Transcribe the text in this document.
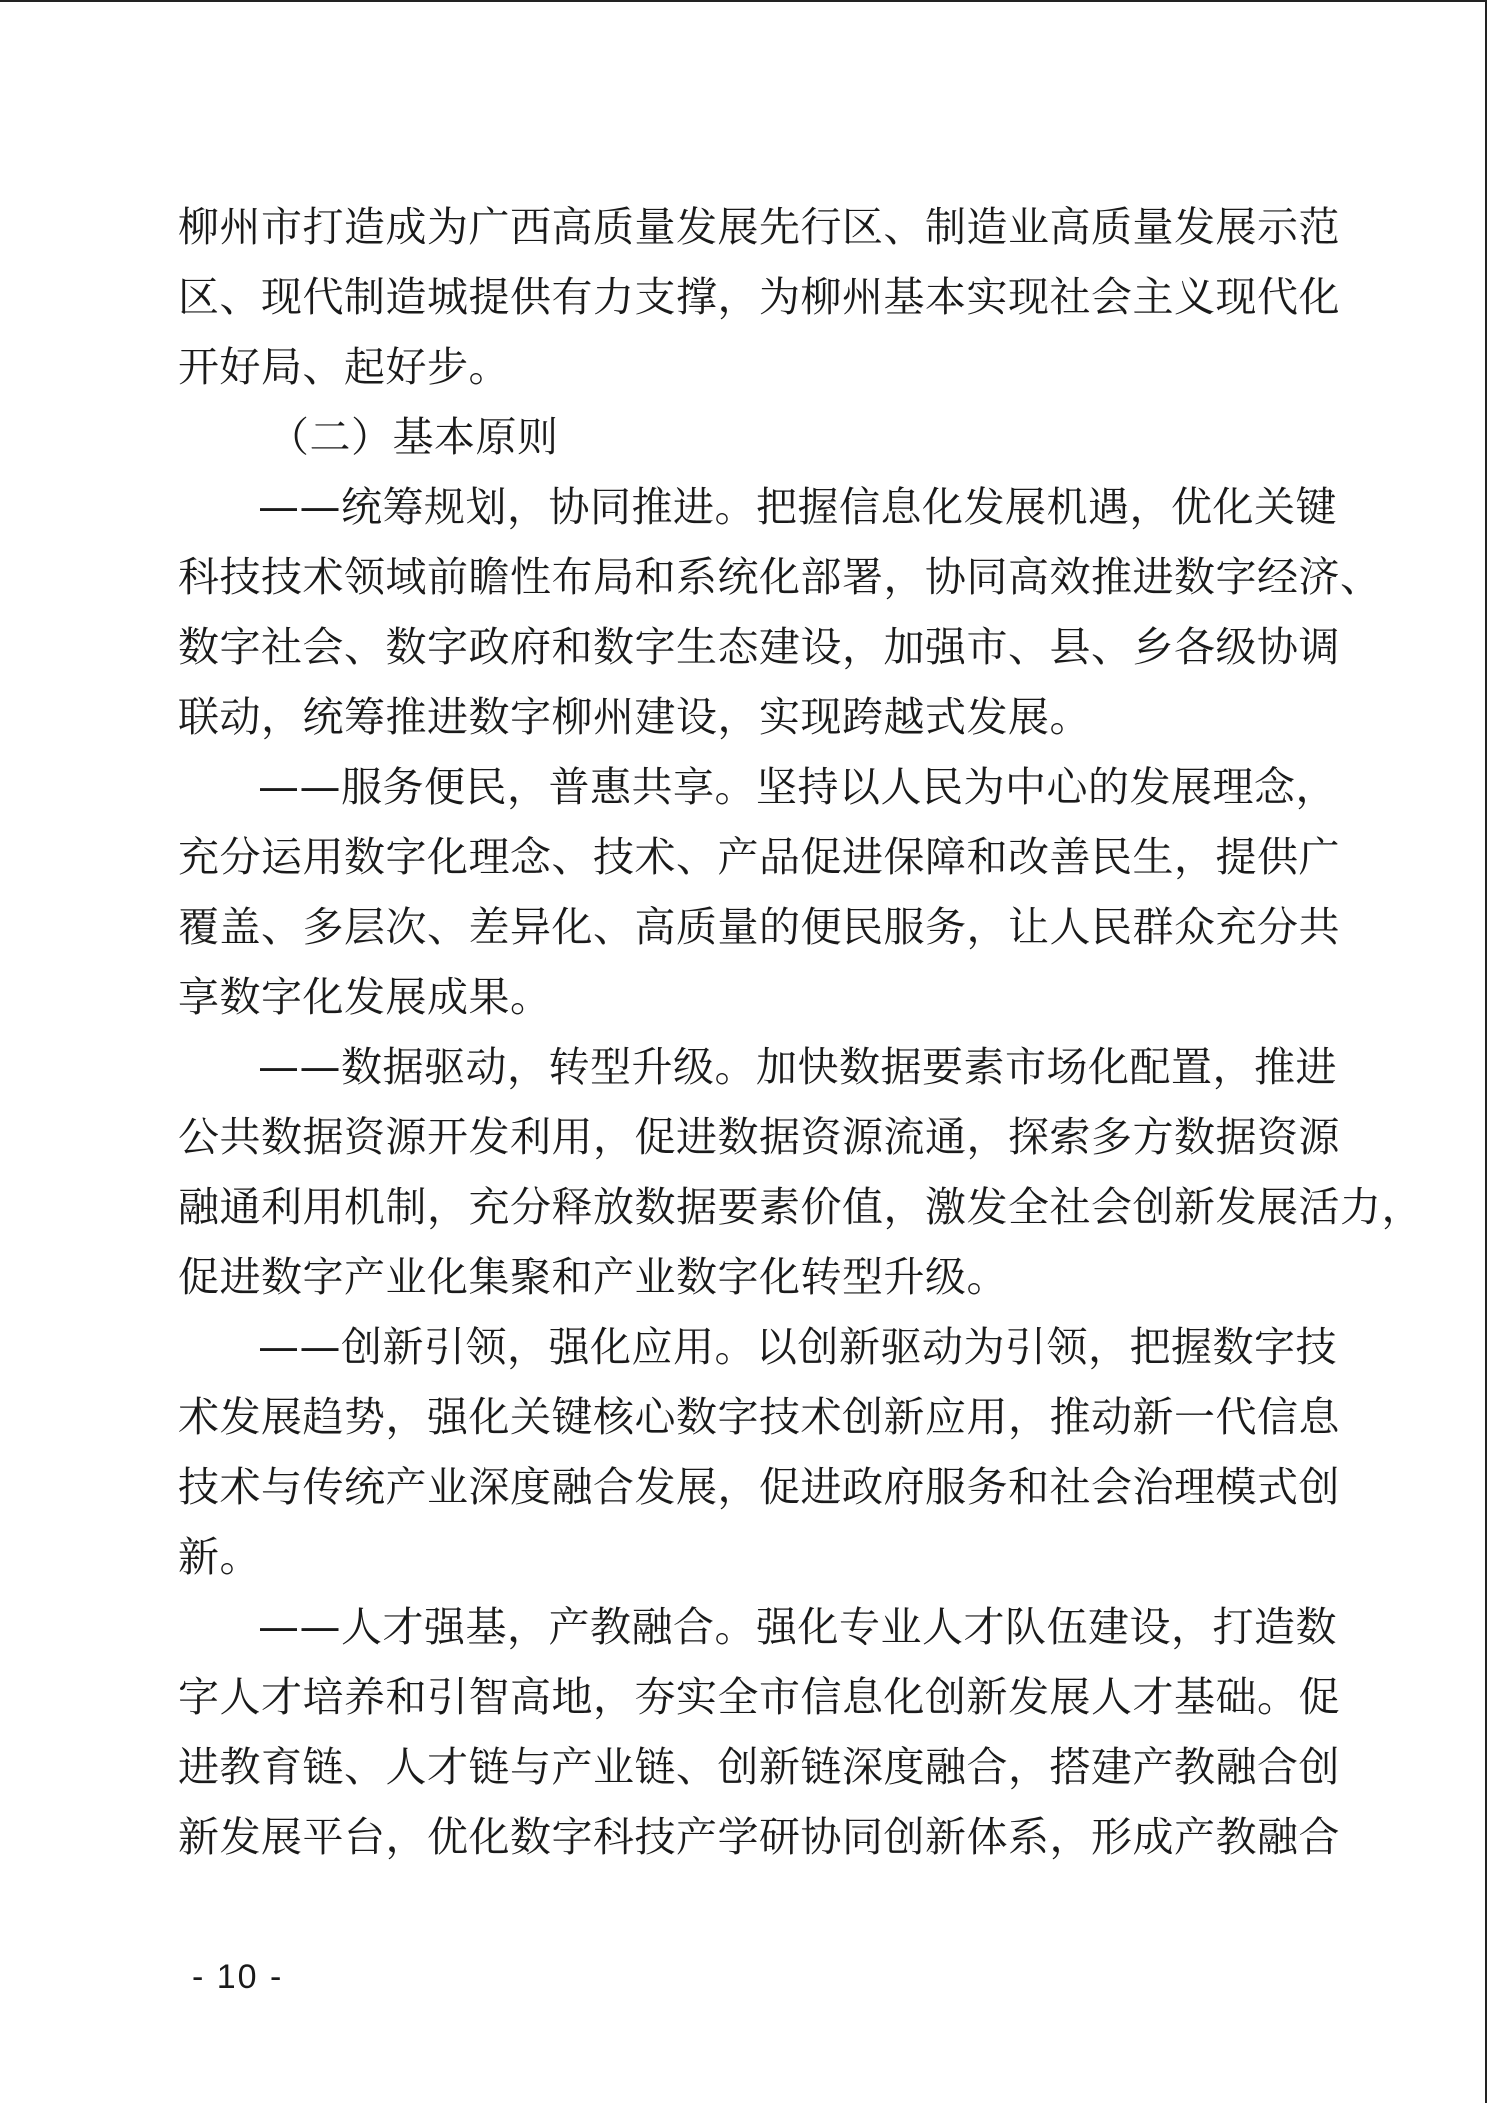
柳州市打造成为广西高质量发展先行区、制造业高质量发展示范
区、现代制造城提供有力支撑，为柳州基本实现社会主义现代化
开好局、起好步。
（二）基本原则
——统筹规划，协同推进。把握信息化发展机遇，优化关键
科技技术领域前瞻性布局和系统化部署，协同高效推进数字经济、
数字社会、数字政府和数字生态建设，加强市、县、乡各级协调
联动，统筹推进数字柳州建设，实现跨越式发展。
——服务便民，普惠共享。坚持以人民为中心的发展理念，
充分运用数字化理念、技术、产品促进保障和改善民生，提供广
覆盖、多层次、差异化、高质量的便民服务，让人民群众充分共
享数字化发展成果。
——数据驱动，转型升级。加快数据要素市场化配置，推进
公共数据资源开发利用，促进数据资源流通，探索多方数据资源
融通利用机制，充分释放数据要素价值，激发全社会创新发展活力，
促进数字产业化集聚和产业数字化转型升级。
——创新引领，强化应用。以创新驱动为引领，把握数字技
术发展趋势，强化关键核心数字技术创新应用，推动新一代信息
技术与传统产业深度融合发展，促进政府服务和社会治理模式创
新。
——人才强基，产教融合。强化专业人才队伍建设，打造数
字人才培养和引智高地，夯实全市信息化创新发展人才基础。促
进教育链、人才链与产业链、创新链深度融合，搭建产教融合创
新发展平台，优化数字科技产学研协同创新体系，形成产教融合
- 10 -
